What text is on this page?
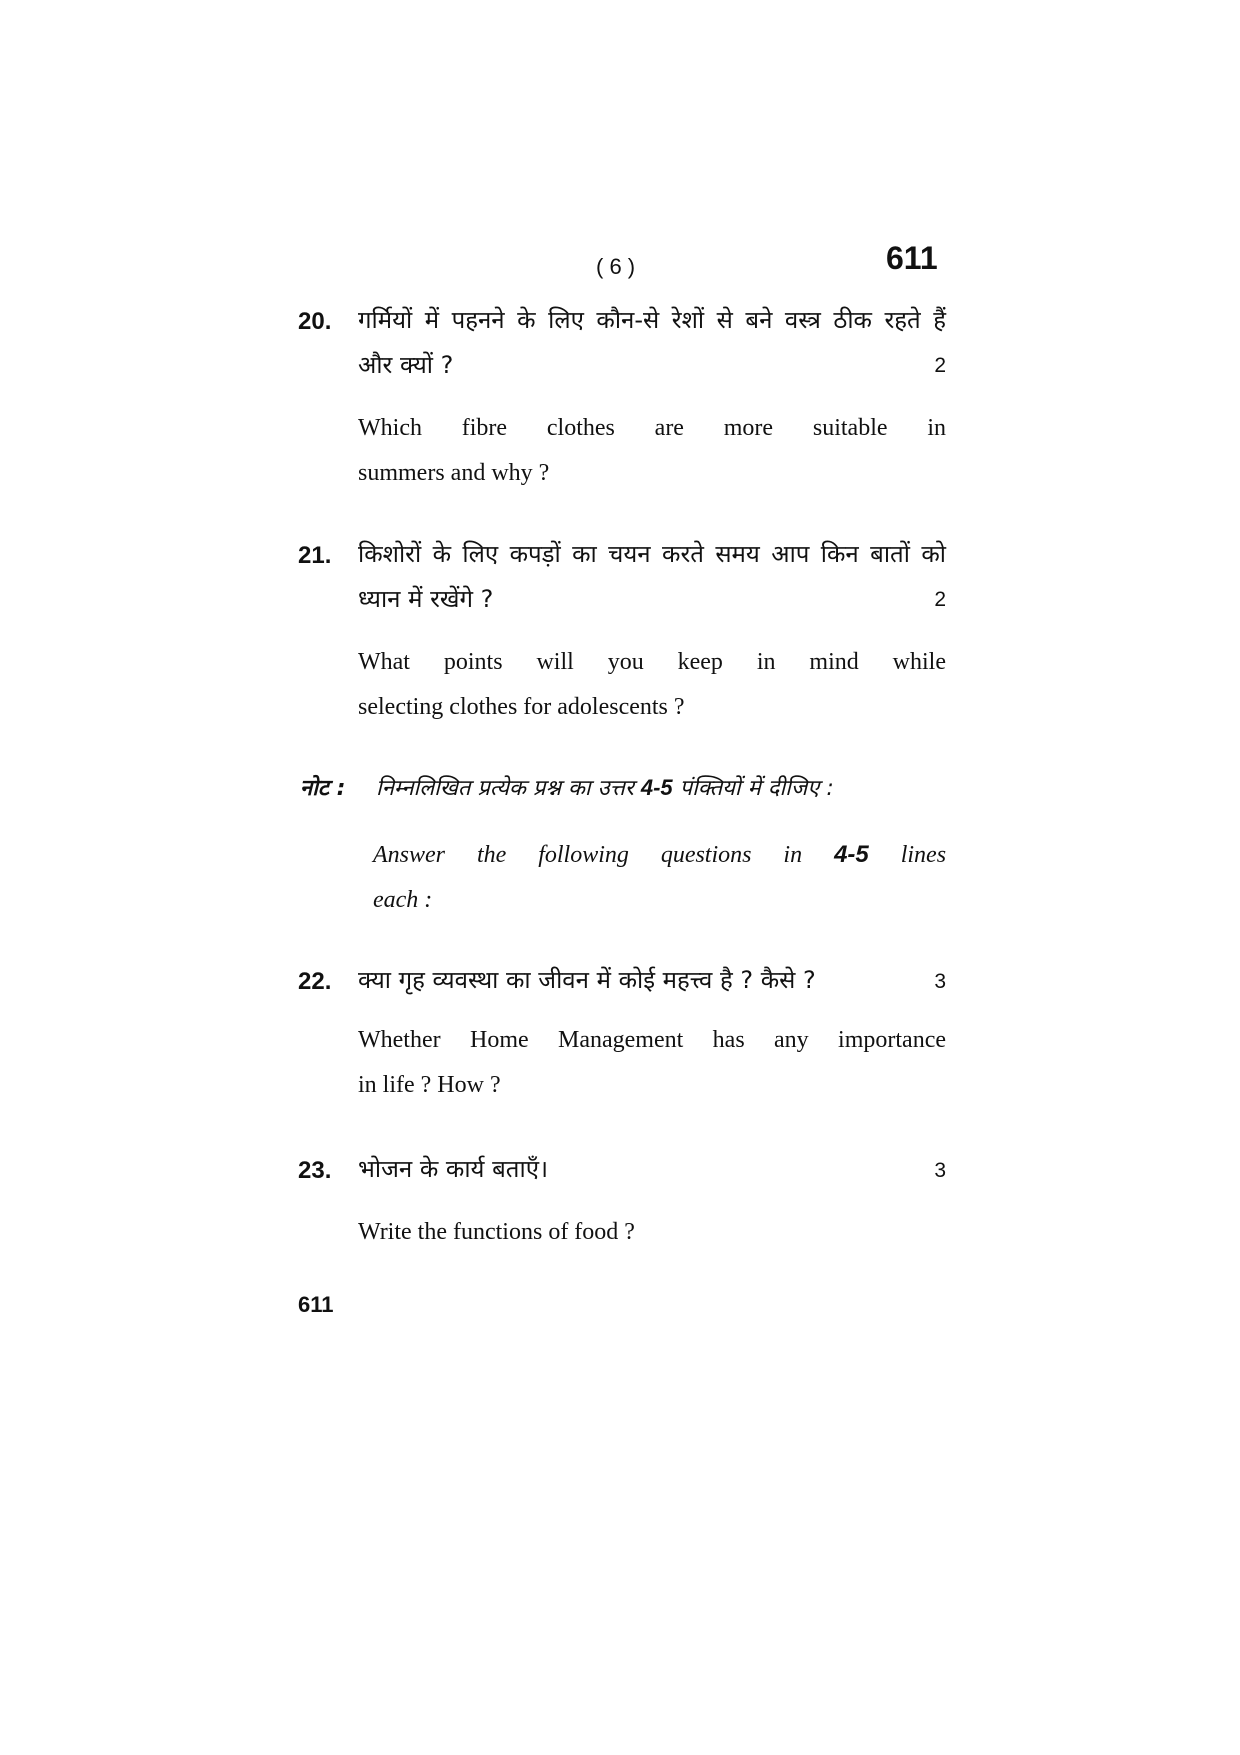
( 6 )	611
20. गर्मियों में पहनने के लिए कौन-से रेशों से बने वस्त्र ठीक रहते हैं
और क्यों ?	2
Which fibre clothes are more suitable in
summers and why ?
21. किशोरों के लिए कपड़ों का चयन करते समय आप किन बातों को
ध्यान में रखेंगे ?	2
What points will you keep in mind while
selecting clothes for adolescents ?
नोट : निम्नलिखित प्रत्येक प्रश्न का उत्तर 4-5 पंक्तियों में दीजिए :
Answer the following questions in 4-5 lines
each :
22. क्या गृह व्यवस्था का जीवन में कोई महत्त्व है ? कैसे ?	3
Whether Home Management has any importance
in life ? How ?
23. भोजन के कार्य बताएँ।	3
Write the functions of food ?
611
